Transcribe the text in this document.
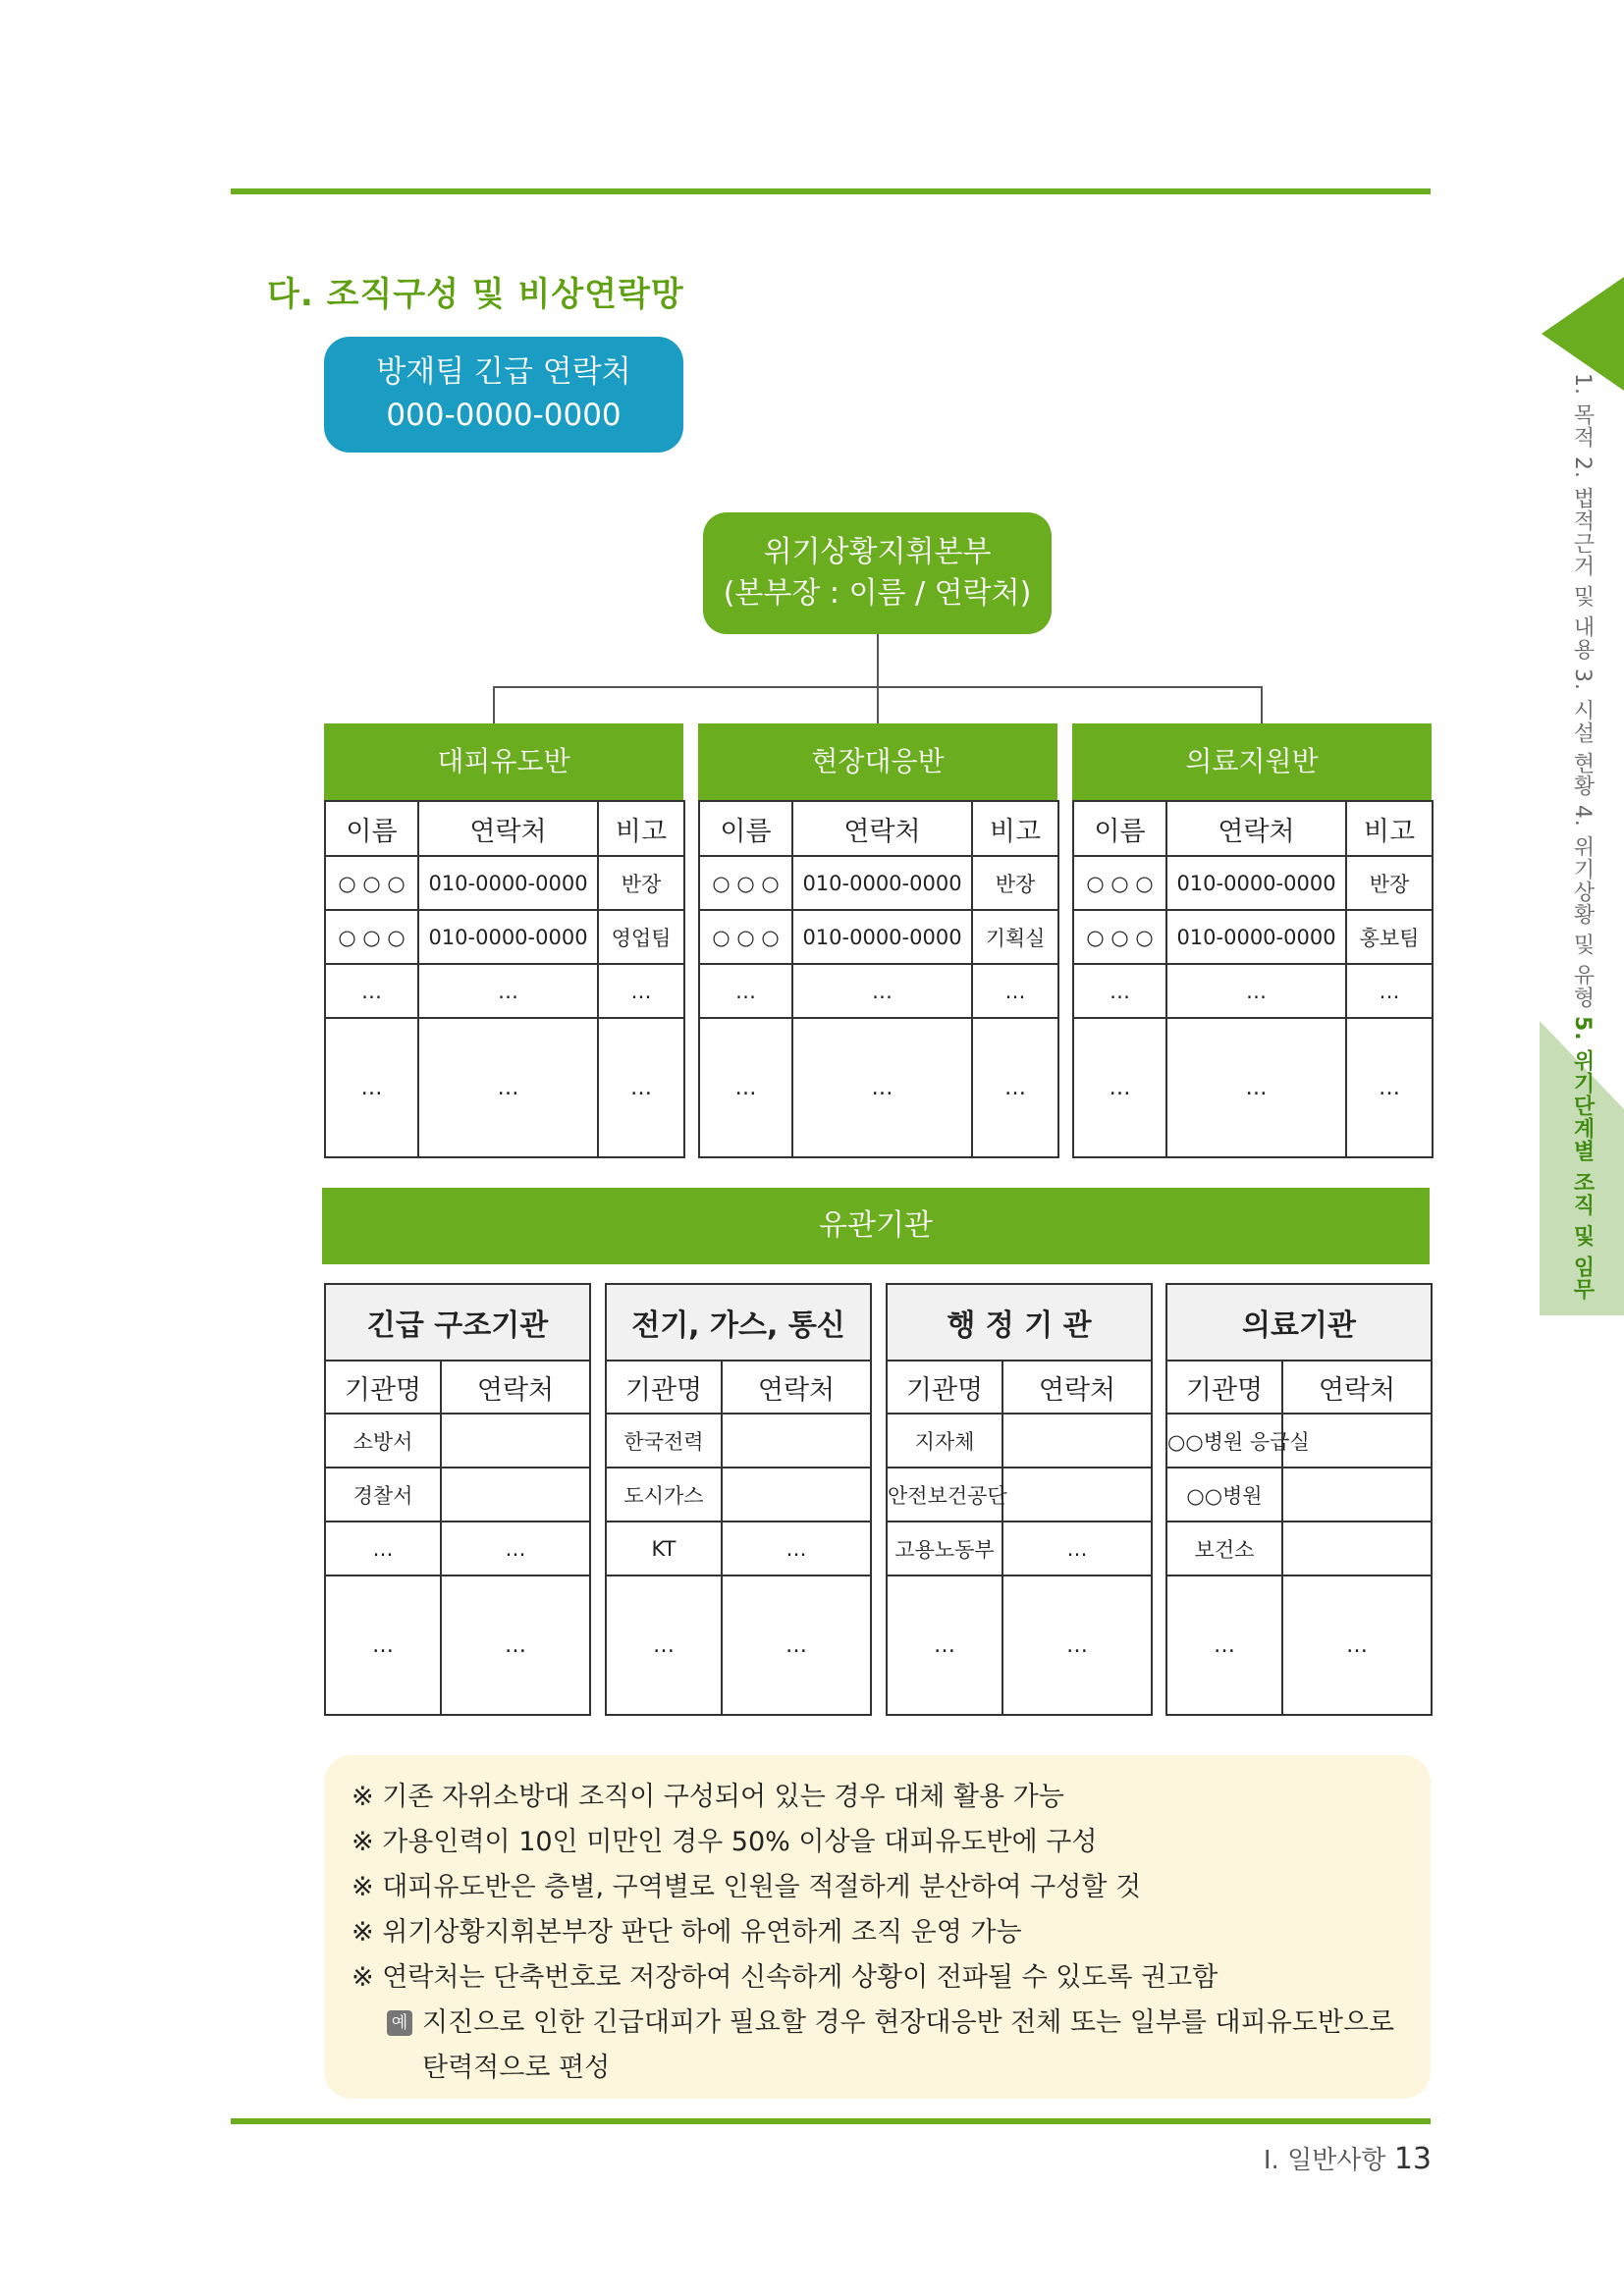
다. 조직구성 및 비상연락망
방재팀 긴급 연락처
000-0000-0000
위기상황지휘본부
(본부장 : 이름 / 연락처)
대피유도반
이름	연락처	비고
○ ○ ○	010-0000-0000	반장
○ ○ ○	010-0000-0000	영업팀
…	…	…
…	…	…
현장대응반
이름	연락처	비고
○ ○ ○	010-0000-0000	반장
○ ○ ○	010-0000-0000	기획실
…	…	…
…	…	…
의료지원반
이름	연락처	비고
○ ○ ○	010-0000-0000	반장
○ ○ ○	010-0000-0000	홍보팀
…	…	…
…	…	…
유관기관
긴급 구조기관	
기관명	연락처
소방서	
경찰서	
…	…
…	…
전기, 가스, 통신	
기관명	연락처
한국전력	
도시가스	
KT	…
…	…
행 정 기 관	
기관명	연락처
지자체	
안전보건공단	
고용노동부	…
…	…
의료기관	
기관명	연락처
○○병원 응급실	
○○병원	
보건소	
…	…
※ 기존 자위소방대 조직이 구성되어 있는 경우 대체 활용 가능
※ 가용인력이 10인 미만인 경우 50% 이상을 대피유도반에 구성
※ 대피유도반은 층별, 구역별로 인원을 적절하게 분산하여 구성할 것
※ 위기상황지휘본부장 판단 하에 유연하게 조직 운영 가능
※ 연락처는 단축번호로 저장하여 신속하게 상황이 전파될 수 있도록 권고함
예 지진으로 인한 긴급대피가 필요할 경우 현장대응반 전체 또는 일부를 대피유도반으로 탄력적으로 편성
Ⅰ. 일반사항 13
1. 목적 2. 법적근거 및 내용 3. 시설 현황 4. 위기상황 및 유형
5. 위기단계별 조직 및 임무
